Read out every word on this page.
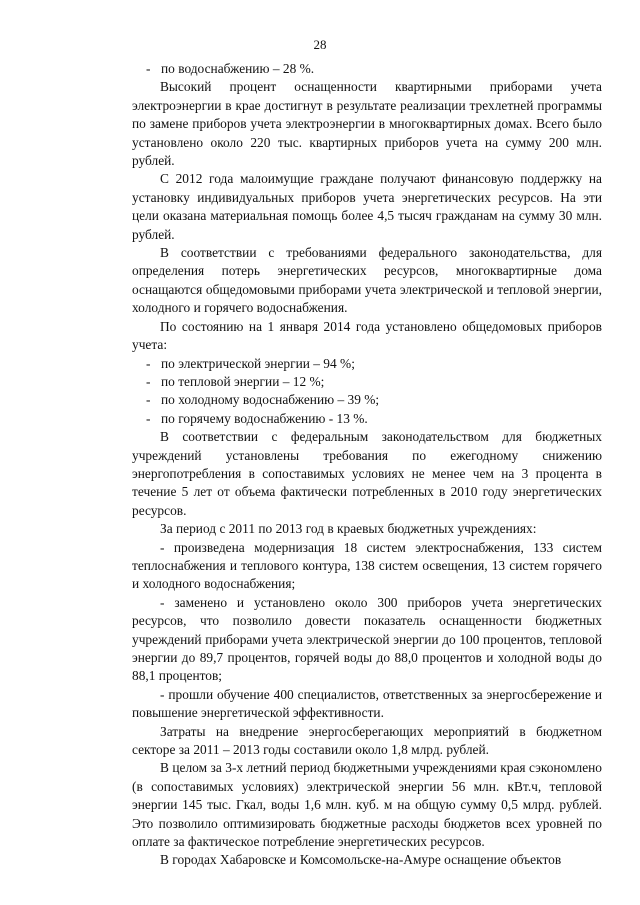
28

- по водоснабжению – 28 %.

Высокий процент оснащенности квартирными приборами учета электроэнергии в крае достигнут в результате реализации трехлетней программы по замене приборов учета электроэнергии в многоквартирных домах. Всего было установлено около 220 тыс. квартирных приборов учета на сумму 200 млн. рублей.

С 2012 года малоимущие граждане получают финансовую поддержку на установку индивидуальных приборов учета энергетических ресурсов. На эти цели оказана материальная помощь более 4,5 тысяч гражданам на сумму 30 млн. рублей.

В соответствии с требованиями федерального законодательства, для определения потерь энергетических ресурсов, многоквартирные дома оснащаются общедомовыми приборами учета электрической и тепловой энергии, холодного и горячего водоснабжения.

По состоянию на 1 января 2014 года установлено общедомовых приборов учета:

- по электрической энергии – 94 %;

- по тепловой энергии – 12 %;

- по холодному водоснабжению – 39 %;

- по горячему водоснабжению - 13 %.

В соответствии с федеральным законодательством для бюджетных учреждений установлены требования по ежегодному снижению энергопотребления в сопоставимых условиях не менее чем на 3 процента в течение 5 лет от объема фактически потребленных в 2010 году энергетических ресурсов.

За период с 2011 по 2013 год в краевых бюджетных учреждениях:

- произведена модернизация 18 систем электроснабжения, 133 систем теплоснабжения и теплового контура, 138 систем освещения, 13 систем горячего и холодного водоснабжения;

- заменено и установлено около 300 приборов учета энергетических ресурсов, что позволило довести показатель оснащенности бюджетных учреждений приборами учета электрической энергии до 100 процентов, тепловой энергии до 89,7 процентов, горячей воды до 88,0 процентов и холодной воды до 88,1 процентов;

- прошли обучение 400 специалистов, ответственных за энергосбережение и повышение энергетической эффективности.

Затраты на внедрение энергосберегающих мероприятий в бюджетном секторе за 2011 – 2013 годы составили около 1,8 млрд. рублей.

В целом за 3-х летний период бюджетными учреждениями края сэкономлено (в сопоставимых условиях) электрической энергии 56 млн. кВт.ч, тепловой энергии 145 тыс. Гкал, воды 1,6 млн. куб. м на общую сумму 0,5 млрд. рублей. Это позволило оптимизировать бюджетные расходы бюджетов всех уровней по оплате за фактическое потребление энергетических ресурсов.

В городах Хабаровске и Комсомольске-на-Амуре оснащение объектов
